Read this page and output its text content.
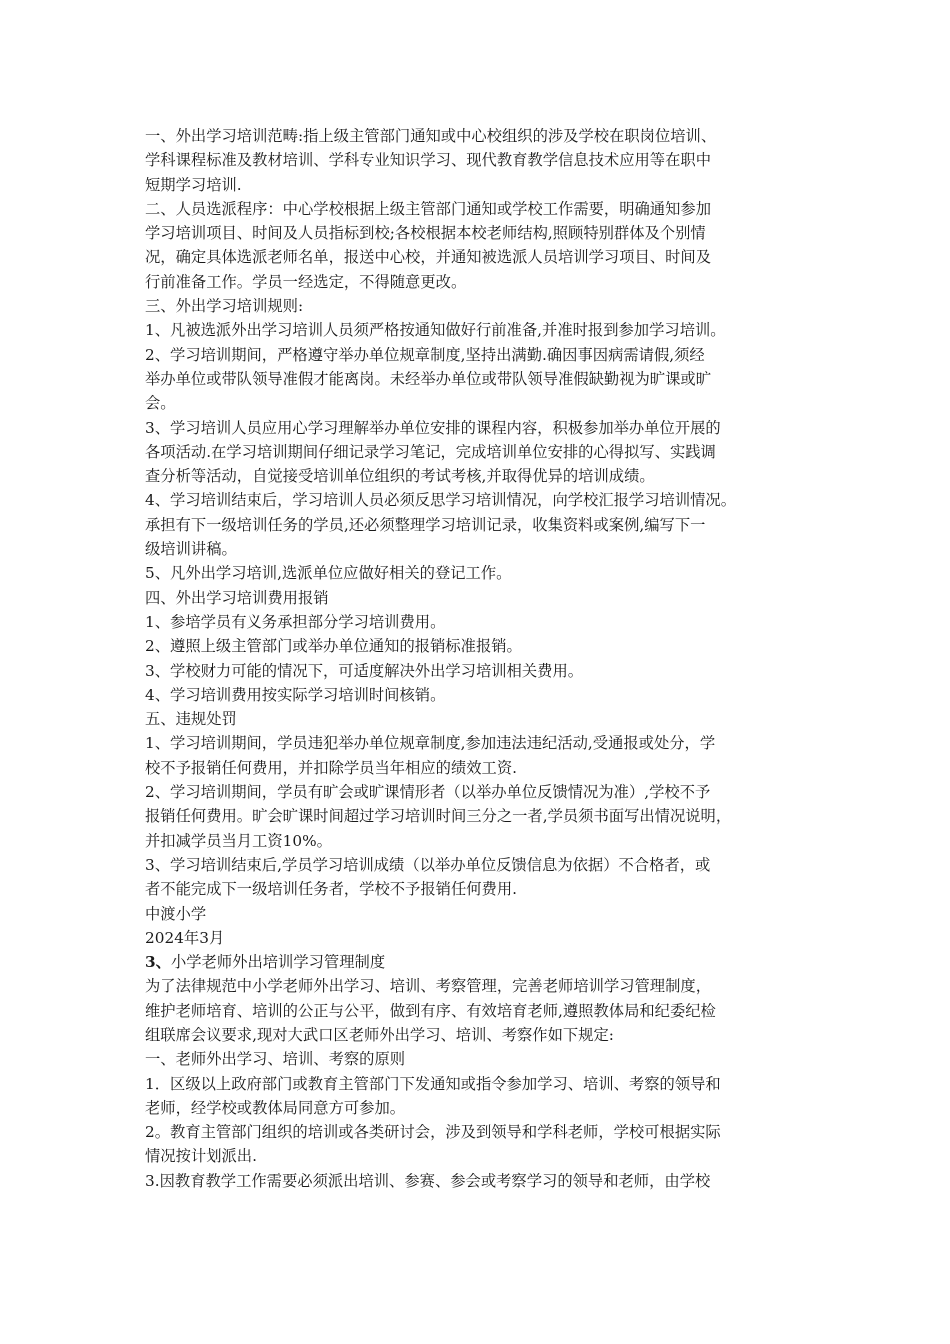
一、外出学习培训范畴:指上级主管部门通知或中心校组织的涉及学校在职岗位培训、
学科课程标准及教材培训、学科专业知识学习、现代教育教学信息技术应用等在职中
短期学习培训.
二、人员选派程序：中心学校根据上级主管部门通知或学校工作需要，明确通知参加
学习培训项目、时间及人员指标到校;各校根据本校老师结构,照顾特别群体及个别情
况，确定具体选派老师名单，报送中心校，并通知被选派人员培训学习项目、时间及
行前准备工作。学员一经选定，不得随意更改。
三、外出学习培训规则:
1、凡被选派外出学习培训人员须严格按通知做好行前准备,并准时报到参加学习培训。
2、学习培训期间，严格遵守举办单位规章制度,坚持出满勤.确因事因病需请假,须经
举办单位或带队领导准假才能离岗。未经举办单位或带队领导准假缺勤视为旷课或旷
会。
3、学习培训人员应用心学习理解举办单位安排的课程内容，积极参加举办单位开展的
各项活动.在学习培训期间仔细记录学习笔记，完成培训单位安排的心得拟写、实践调
查分析等活动，自觉接受培训单位组织的考试考核,并取得优异的培训成绩。
4、学习培训结束后，学习培训人员必须反思学习培训情况，向学校汇报学习培训情况。
承担有下一级培训任务的学员,还必须整理学习培训记录，收集资料或案例,编写下一
级培训讲稿。
5、凡外出学习培训,选派单位应做好相关的登记工作。
四、外出学习培训费用报销
1、参培学员有义务承担部分学习培训费用。
2、遵照上级主管部门或举办单位通知的报销标准报销。
3、学校财力可能的情况下，可适度解决外出学习培训相关费用。
4、学习培训费用按实际学习培训时间核销。
五、违规处罚
1、学习培训期间，学员违犯举办单位规章制度,参加违法违纪活动,受通报或处分，学
校不予报销任何费用，并扣除学员当年相应的绩效工资.
2、学习培训期间，学员有旷会或旷课情形者（以举办单位反馈情况为准）,学校不予
报销任何费用。旷会旷课时间超过学习培训时间三分之一者,学员须书面写出情况说明，
并扣减学员当月工资10%。
3、学习培训结束后,学员学习培训成绩（以举办单位反馈信息为依据）不合格者，或
者不能完成下一级培训任务者，学校不予报销任何费用.
中渡小学
2024年3月
3、小学老师外出培训学习管理制度
为了法律规范中小学老师外出学习、培训、考察管理，完善老师培训学习管理制度，
维护老师培育、培训的公正与公平，做到有序、有效培育老师,遵照教体局和纪委纪检
组联席会议要求,现对大武口区老师外出学习、培训、考察作如下规定:
一、老师外出学习、培训、考察的原则
1．区级以上政府部门或教育主管部门下发通知或指令参加学习、培训、考察的领导和
老师，经学校或教体局同意方可参加。
2。教育主管部门组织的培训或各类研讨会，涉及到领导和学科老师，学校可根据实际
情况按计划派出.
3.因教育教学工作需要必须派出培训、参赛、参会或考察学习的领导和老师，由学校
